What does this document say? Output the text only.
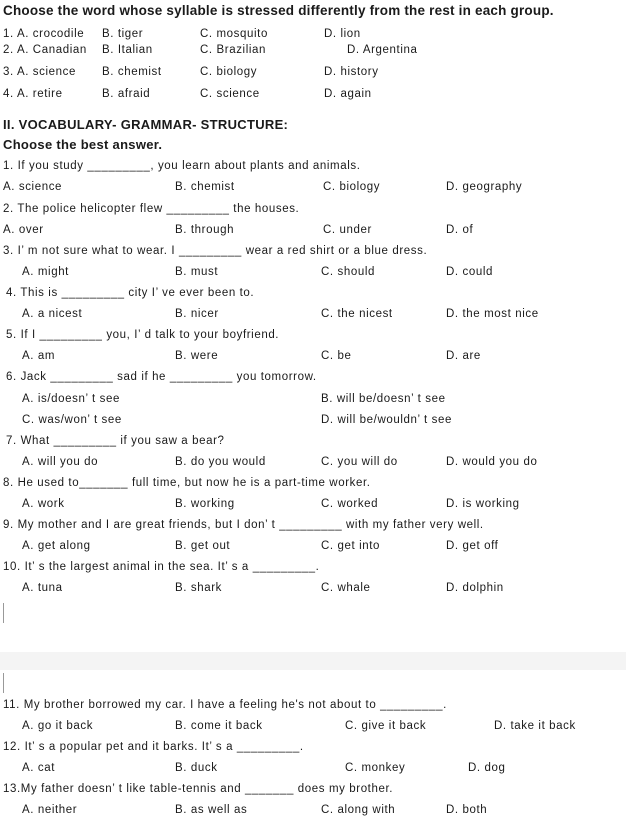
Choose the word whose syllable is stressed differently from the rest in each group.
1. A. crocodile B. tiger	C. mosquito	D. lion
2. A. Canadian B. Italian	C. Brazilian	D. Argentina
3. A. science B. chemist	C. biology	D. history
4. A. retire	B. afraid	C. science	D. again
II. VOCABULARY- GRAMMAR- STRUCTURE:
Choose the best answer.
1. If you study _________, you learn about plants and animals.
A. science	B. chemist	C. biology	D. geography
2. The police helicopter flew _________ the houses.
A. over	B. through	C. under	D. of
3. I’ m not sure what to wear. I _________ wear a red shirt or a blue dress.
A. might	B. must	C. should	D. could
4. This is _________ city I’ ve ever been to.
A. a nicest	B. nicer	C. the nicest	D. the most nice
5. If I _________ you, I’ d talk to your boyfriend.
A. am	B. were	C. be	D. are
6. Jack _________ sad if he _________ you tomorrow.
A. is/doesn’ t see	B. will be/doesn’ t see
C. was/won’ t see	D. will be/wouldn’ t see
7. What _________ if you saw a bear?
A. will you do	B. do you would	C. you will do	D. would you do
8. He used to_______ full time, but now he is a part-time worker.
A. work	B. working	C. worked	D. is working
9. My mother and I are great friends, but I don’ t _________ with my father very well.
A. get along	B. get out	C. get into	D. get off
10. It’ s the largest animal in the sea. It’ s a _________.
A. tuna	B. shark	C. whale	D. dolphin
11. My brother borrowed my car. I have a feeling he's not about to _________.
A. go it back	B. come it back	C. give it back	D. take it back
12. It’ s a popular pet and it barks. It’ s a _________.
A. cat	B. duck	C. monkey	D. dog
13.My father doesn’ t like table-tennis and _______ does my brother.
A. neither	B. as well as	C. along with	D. both
